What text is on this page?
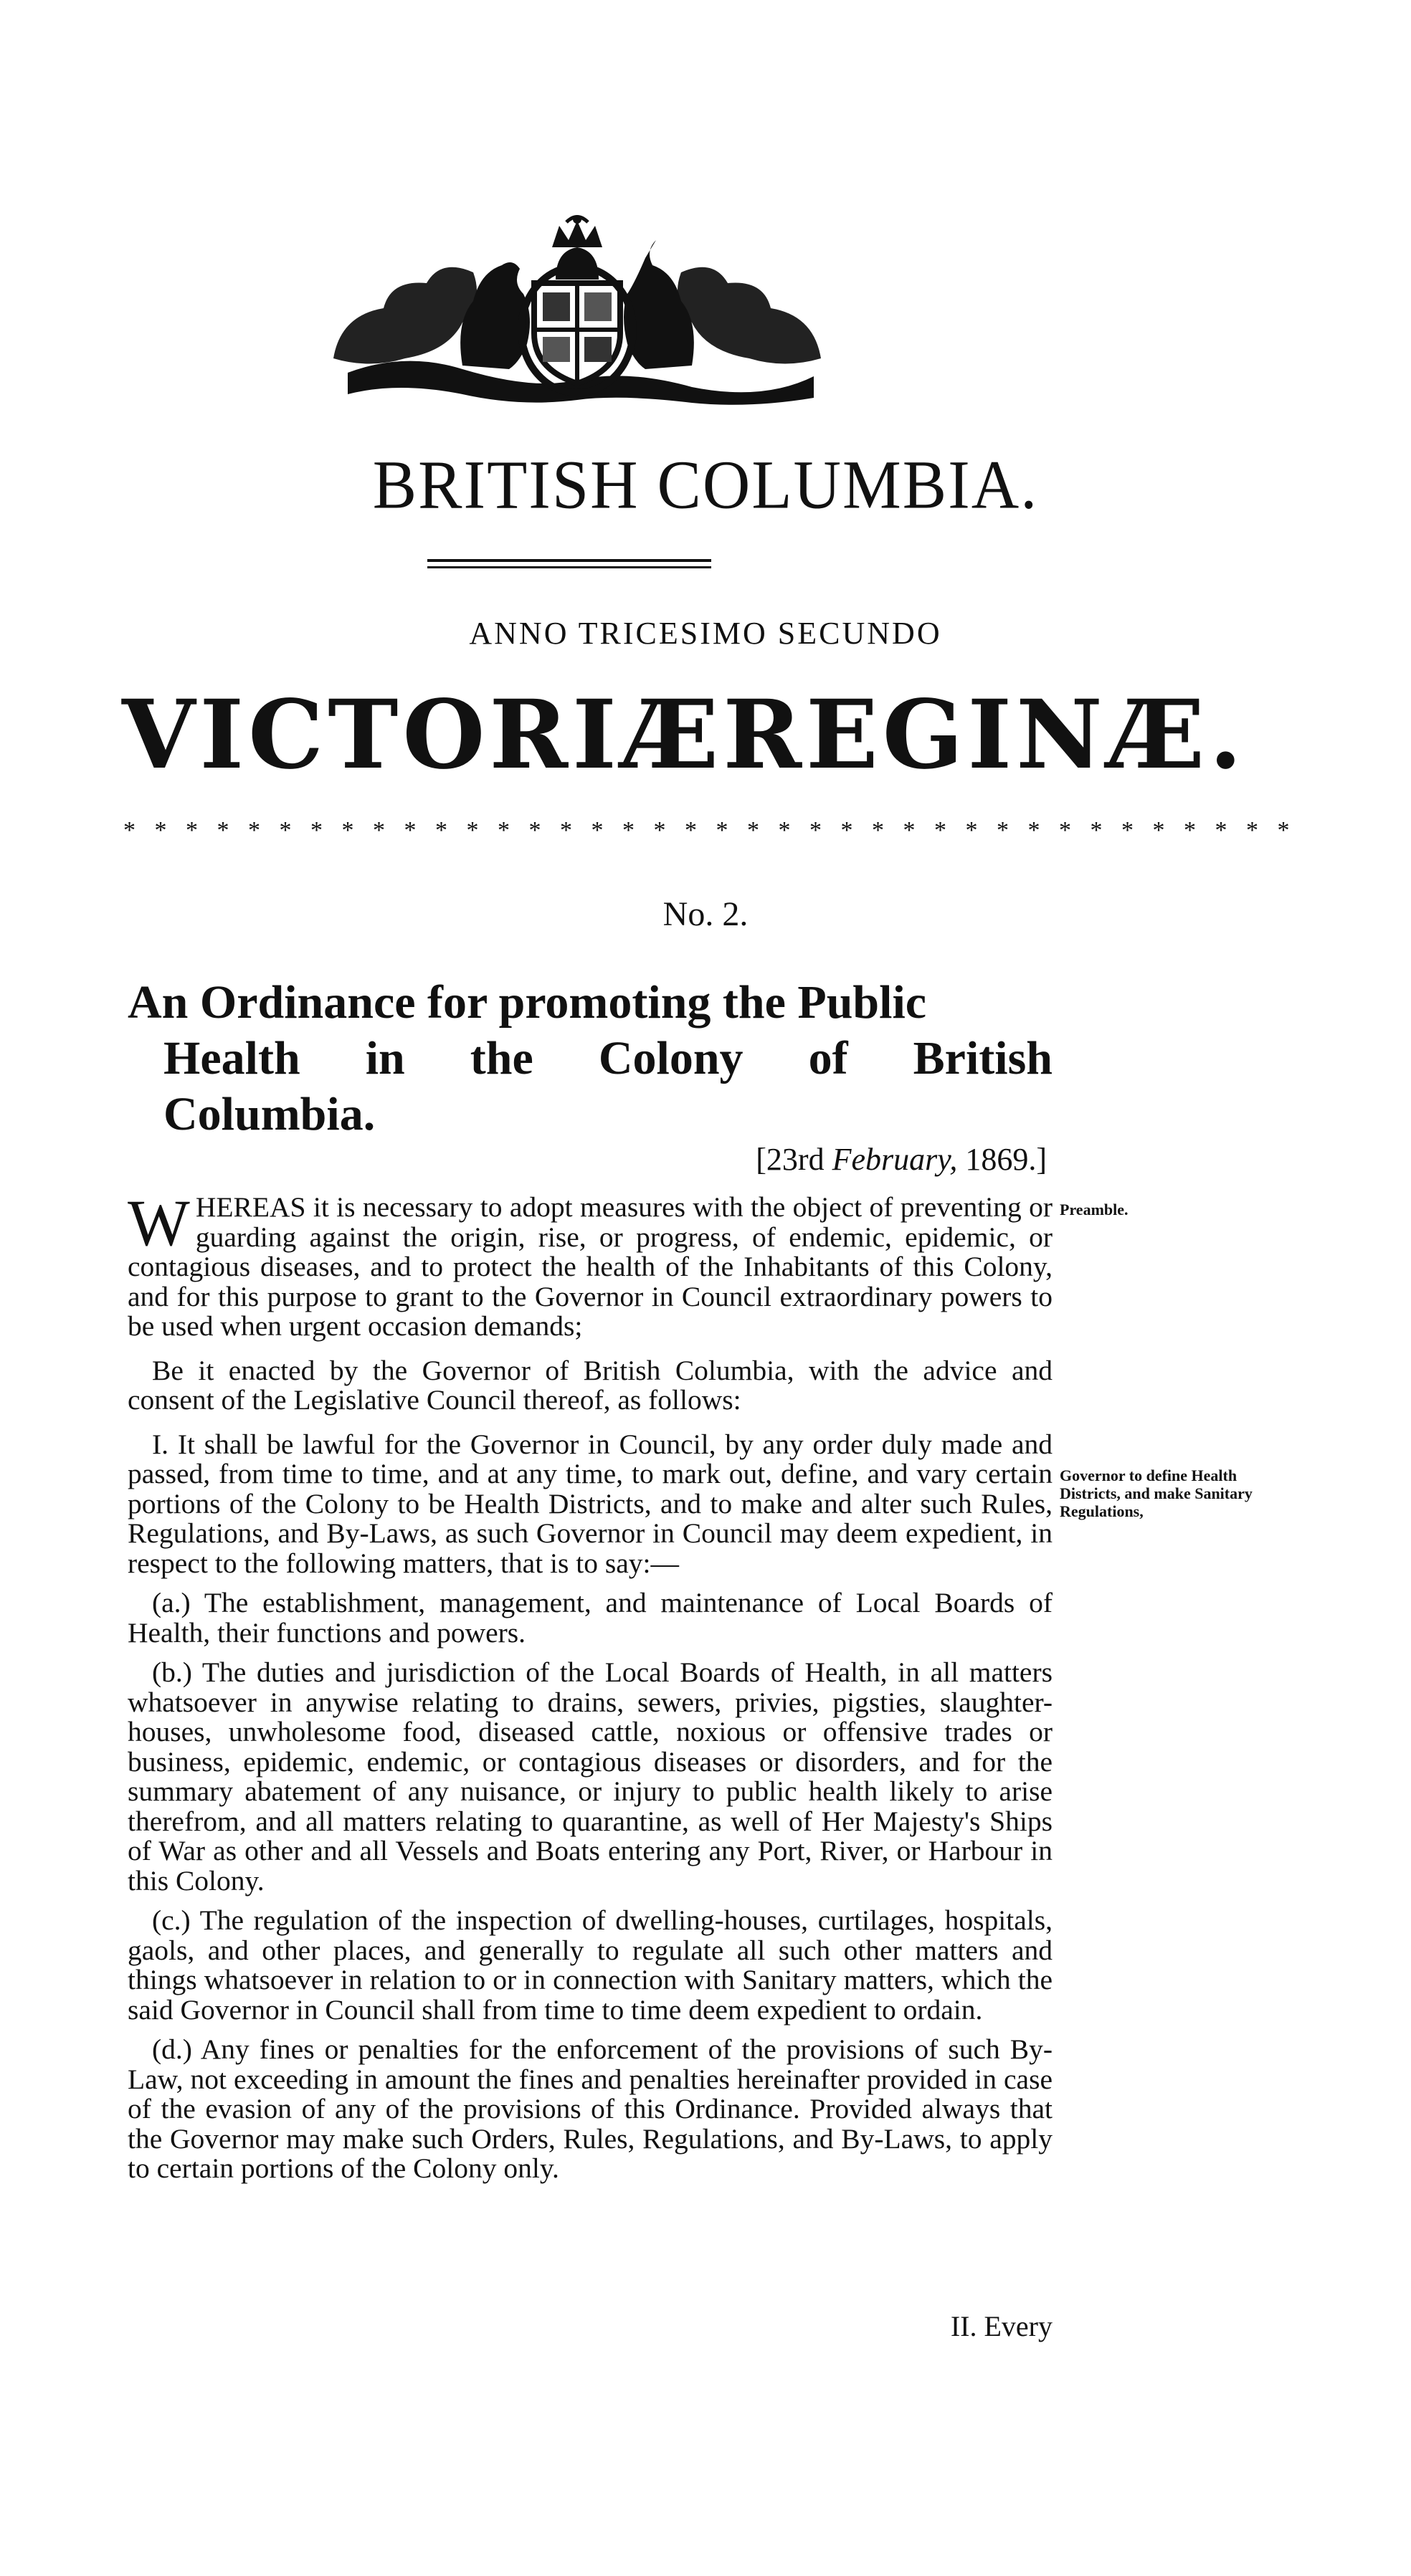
BRITISH COLUMBIA.
ANNO TRICESIMO SECUNDO
VICTORIÆ REGINÆ.
* * * * * * * * * * * * * * * * * * * * * * * * * * * * * * * * * * * * * *
No. 2.
An Ordinance for promoting the Public
Health in the Colony of British
Columbia.
[23rd February, 1869.]
Preamble.
Governor to define Health Districts, and make Sanitary Regulations,

WHEREAS it is necessary to adopt measures with the object of preventing or guarding against the origin, rise, or progress, of endemic, epidemic, or contagious diseases, and to protect the health of the Inhabitants of this Colony, and for this purpose to grant to the Governor in Council extraordinary powers to be used when urgent occasion demands;

Be it enacted by the Governor of British Columbia, with the advice and consent of the Legislative Council thereof, as follows:

I. It shall be lawful for the Governor in Council, by any order duly made and passed, from time to time, and at any time, to mark out, define, and vary certain portions of the Colony to be Health Districts, and to make and alter such Rules, Regulations, and By-Laws, as such Governor in Council may deem expedient, in respect to the following matters, that is to say:—

(a.) The establishment, management, and maintenance of Local Boards of Health, their functions and powers.

(b.) The duties and jurisdiction of the Local Boards of Health, in all matters whatsoever in anywise relating to drains, sewers, privies, pigsties, slaughter-houses, unwholesome food, diseased cattle, noxious or offensive trades or business, epidemic, endemic, or contagious diseases or disorders, and for the summary abatement of any nuisance, or injury to public health likely to arise therefrom, and all matters relating to quarantine, as well of Her Majesty's Ships of War as other and all Vessels and Boats entering any Port, River, or Harbour in this Colony.

(c.) The regulation of the inspection of dwelling-houses, curtilages, hospitals, gaols, and other places, and generally to regulate all such other matters and things whatsoever in relation to or in connection with Sanitary matters, which the said Governor in Council shall from time to time deem expedient to ordain.

(d.) Any fines or penalties for the enforcement of the provisions of such By-Law, not exceeding in amount the fines and penalties hereinafter provided in case of the evasion of any of the provisions of this Ordinance. Provided always that the Governor may make such Orders, Rules, Regulations, and By-Laws, to apply to certain portions of the Colony only.

II. Every
